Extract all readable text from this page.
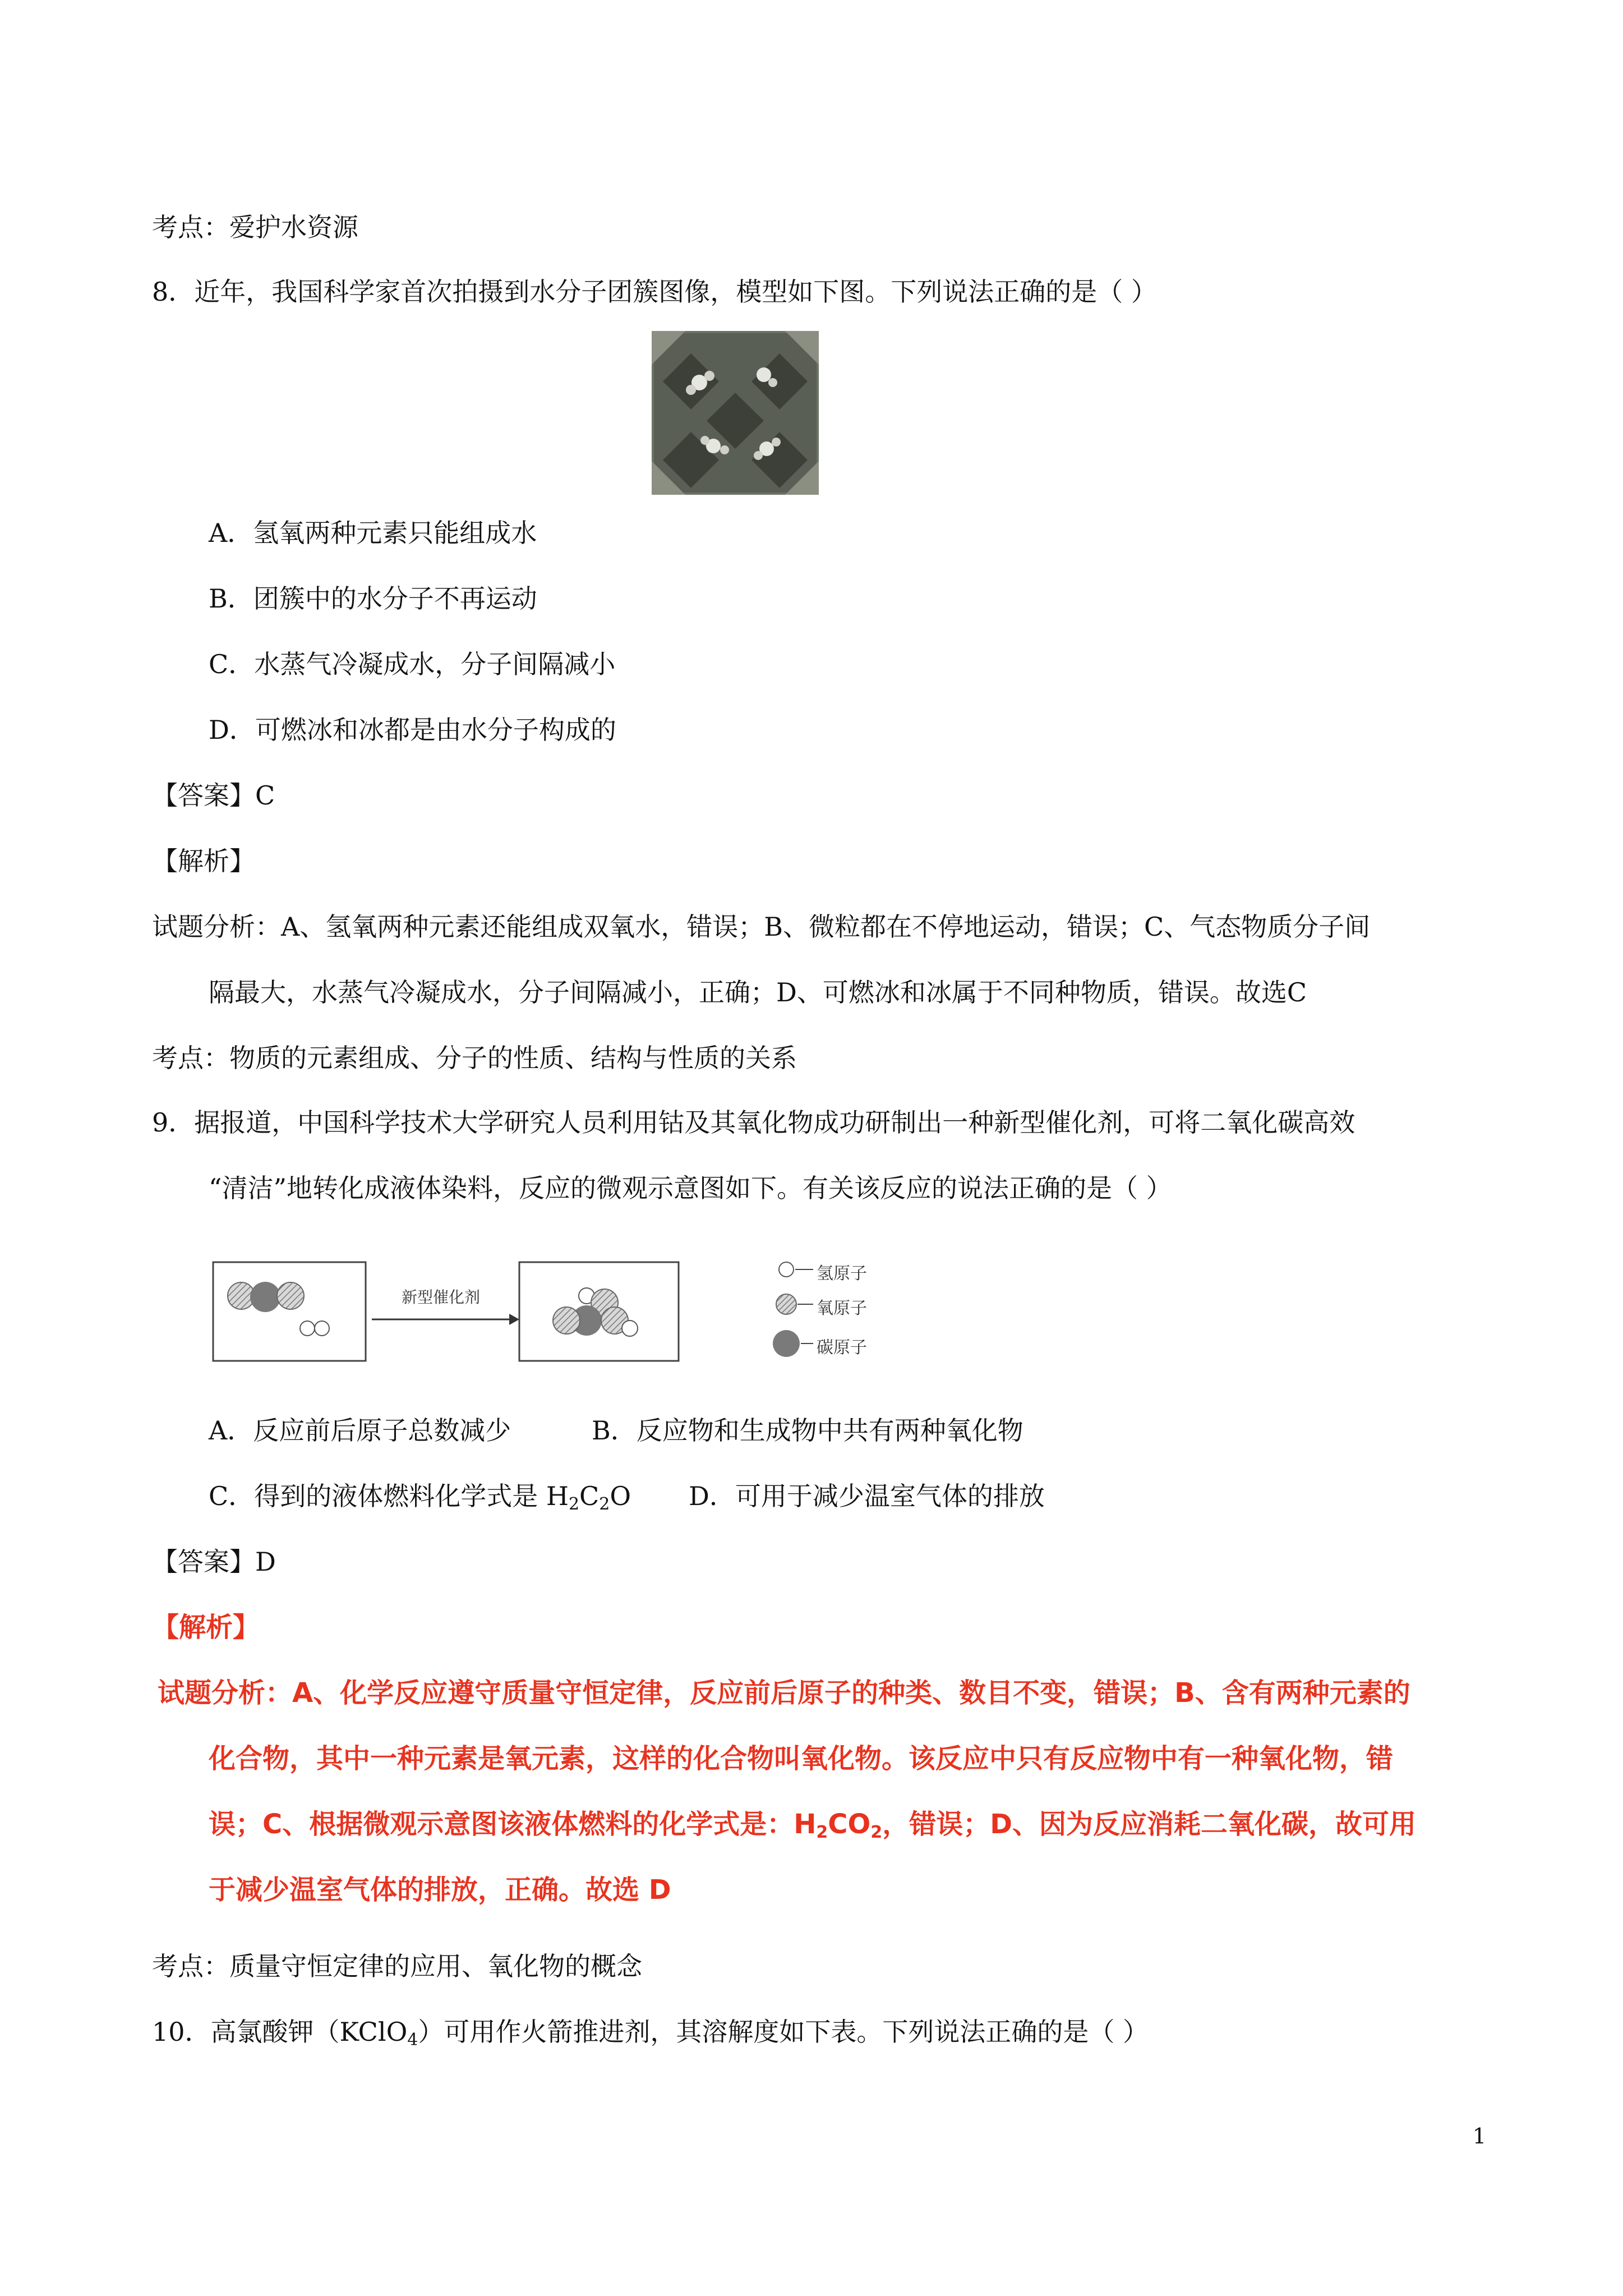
考点：爱护水资源
8．近年，我国科学家首次拍摄到水分子团簇图像，模型如下图。下列说法正确的是（ ）
A．氢氧两种元素只能组成水
B．团簇中的水分子不再运动
C．水蒸气冷凝成水，分子间隔减小
D．可燃冰和冰都是由水分子构成的
【答案】C
【解析】
试题分析：A、氢氧两种元素还能组成双氧水，错误；B、微粒都在不停地运动，错误；C、气态物质分子间
隔最大，水蒸气冷凝成水，分子间隔减小，正确；D、可燃冰和冰属于不同种物质，错误。故选C
考点：物质的元素组成、分子的性质、结构与性质的关系
9．据报道，中国科学技术大学研究人员利用钴及其氧化物成功研制出一种新型催化剂，可将二氧化碳高效
“清洁”地转化成液体染料，反应的微观示意图如下。有关该反应的说法正确的是（ ）
新型催化剂
氢原子
氧原子
碳原子
A．反应前后原子总数减少	B．反应物和生成物中共有两种氧化物
C．得到的液体燃料化学式是 $H_2C_2O$ D．可用于减少温室气体的排放
【答案】D
【解析】
试题分析：A、化学反应遵守质量守恒定律，反应前后原子的种类、数目不变，错误；B、含有两种元素的
化合物，其中一种元素是氧元素，这样的化合物叫氧化物。该反应中只有反应物中有一种氧化物，错
误；C、根据微观示意图该液体燃料的化学式是：$H_2CO_2$，错误；D、因为反应消耗二氧化碳，故可用
于减少温室气体的排放，正确。故选 D
考点：质量守恒定律的应用、氧化物的概念
10．高氯酸钾（KClO$_4$）可用作火箭推进剂，其溶解度如下表。下列说法正确的是（ ）
1
